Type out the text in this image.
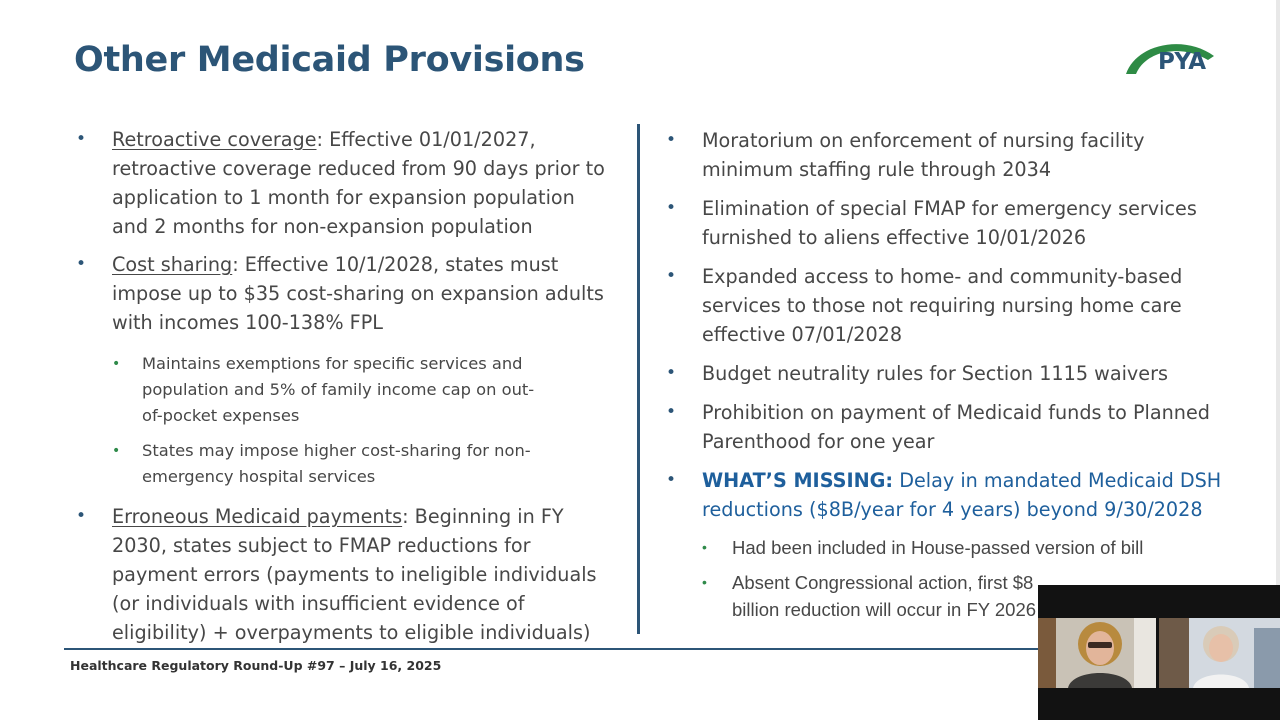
Other Medicaid Provisions	PYA
• Retroactive coverage: Effective 01/01/2027, retroactive coverage reduced from 90 days prior to application to 1 month for expansion population and 2 months for non-expansion population
• Cost sharing: Effective 10/1/2028, states must impose up to $35 cost-sharing on expansion adults with incomes 100-138% FPL
• Maintains exemptions for specific services and population and 5% of family income cap on out-of-pocket expenses
• States may impose higher cost-sharing for non-emergency hospital services
• Erroneous Medicaid payments: Beginning in FY 2030, states subject to FMAP reductions for payment errors (payments to ineligible individuals (or individuals with insufficient evidence of eligibility) + overpayments to eligible individuals)
• Moratorium on enforcement of nursing facility minimum staffing rule through 2034
• Elimination of special FMAP for emergency services furnished to aliens effective 10/01/2026
• Expanded access to home- and community-based services to those not requiring nursing home care effective 07/01/2028
• Budget neutrality rules for Section 1115 waivers
• Prohibition on payment of Medicaid funds to Planned Parenthood for one year
• WHAT’S MISSING: Delay in mandated Medicaid DSH reductions ($8B/year for 4 years) beyond 9/30/2028
• Had been included in House-passed version of bill
• Absent Congressional action, first $8 billion reduction will occur in FY 2026
Healthcare Regulatory Round-Up #97 – July 16, 2025
